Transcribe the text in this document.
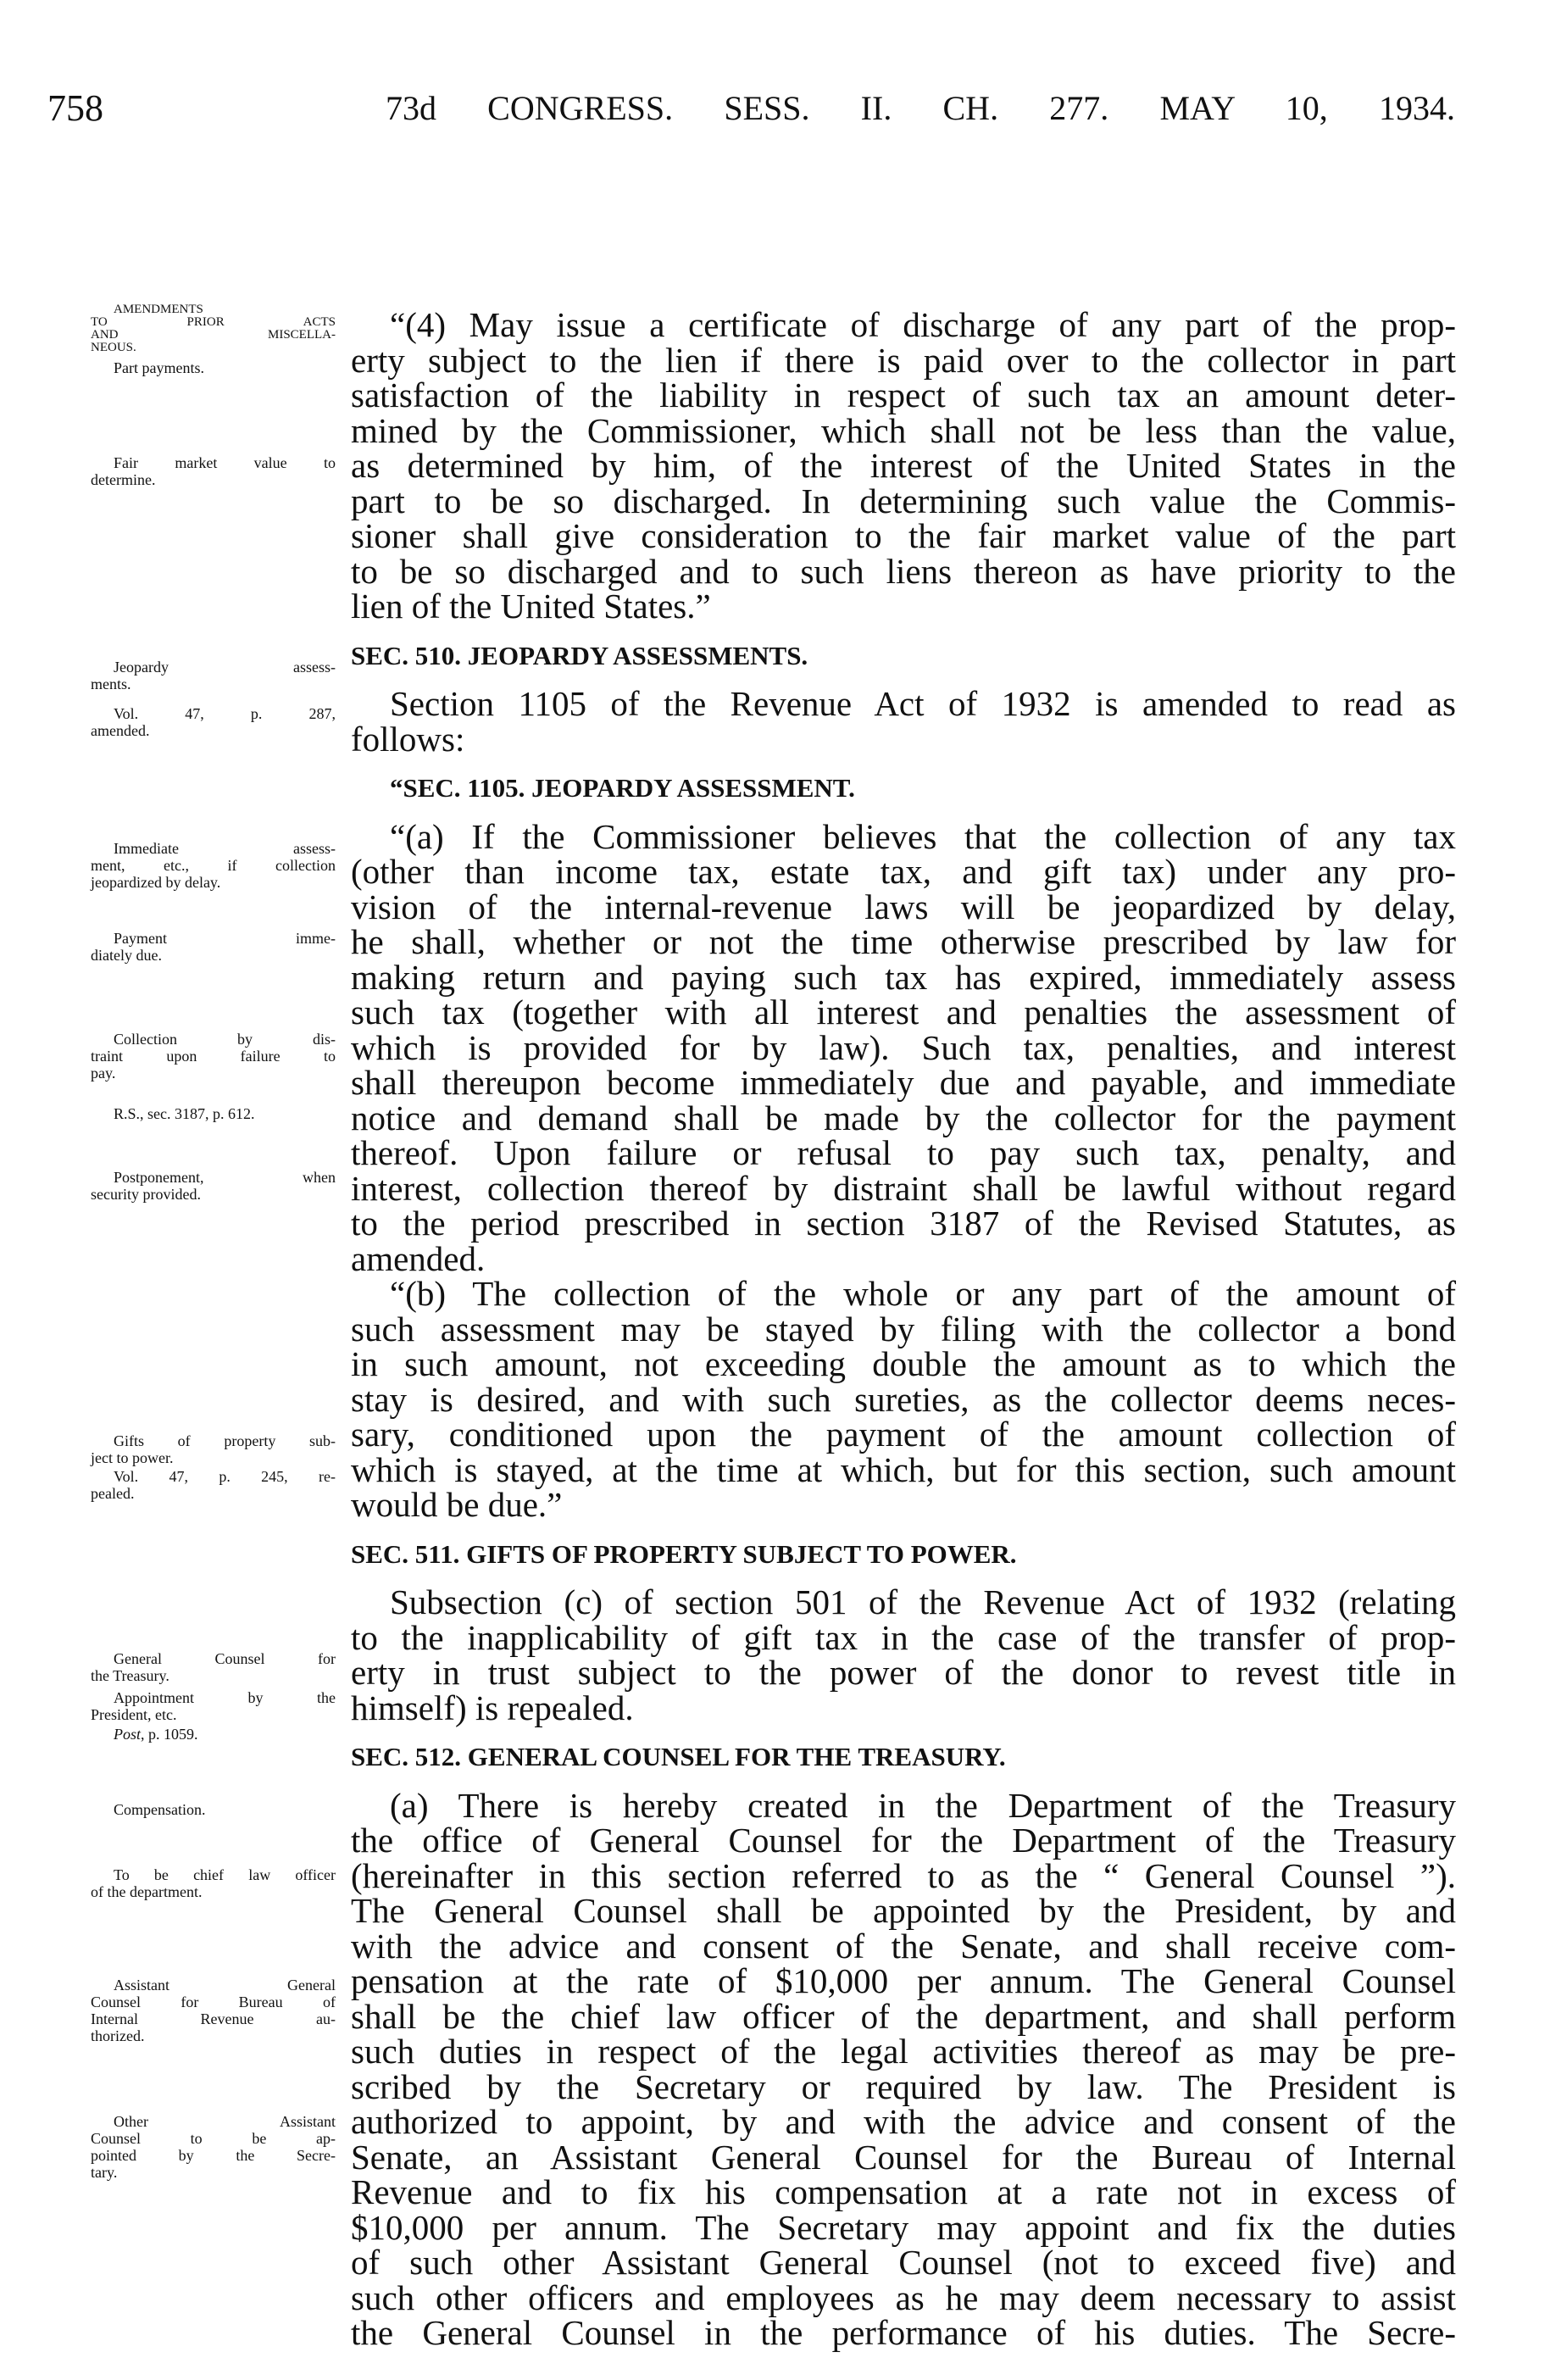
758	73d CONGRESS. SESS. II. CH. 277. MAY 10, 1934.
AMENDMENTS
TO PRIOR ACTS
AND MISCELLA-
NEOUS.
Part payments.
Fair market value to
determine.
Jeopardy assess-
ments.
Vol. 47, p. 287,
amended.
Immediate assess-
ment, etc., if collection
jeopardized by delay.
Payment imme-
diately due.
Collection by dis-
traint upon failure to
pay.
R.S., sec. 3187, p. 612.
Postponement, when
security provided.
Gifts of property sub-
ject to power.
Vol. 47, p. 245, re-
pealed.
General Counsel for
the Treasury.
Appointment by the
President, etc.
Post, p. 1059.
Compensation.
To be chief law officer
of the department.
Assistant General
Counsel for Bureau of
Internal Revenue au-
thorized.
Other Assistant
Counsel to be ap-
pointed by the Secre-
tary.
“(4) May issue a certificate of discharge of any part of the prop-
erty subject to the lien if there is paid over to the collector in part
satisfaction of the liability in respect of such tax an amount deter-
mined by the Commissioner, which shall not be less than the value,
as determined by him, of the interest of the United States in the
part to be so discharged. In determining such value the Commis-
sioner shall give consideration to the fair market value of the part
to be so discharged and to such liens thereon as have priority to the
lien of the United States.”
SEC. 510. JEOPARDY ASSESSMENTS.
Section 1105 of the Revenue Act of 1932 is amended to read as
follows:
“SEC. 1105. JEOPARDY ASSESSMENT.
“(a) If the Commissioner believes that the collection of any tax
(other than income tax, estate tax, and gift tax) under any pro-
vision of the internal-revenue laws will be jeopardized by delay,
he shall, whether or not the time otherwise prescribed by law for
making return and paying such tax has expired, immediately assess
such tax (together with all interest and penalties the assessment of
which is provided for by law). Such tax, penalties, and interest
shall thereupon become immediately due and payable, and immediate
notice and demand shall be made by the collector for the payment
thereof. Upon failure or refusal to pay such tax, penalty, and
interest, collection thereof by distraint shall be lawful without regard
to the period prescribed in section 3187 of the Revised Statutes, as
amended.
“(b) The collection of the whole or any part of the amount of
such assessment may be stayed by filing with the collector a bond
in such amount, not exceeding double the amount as to which the
stay is desired, and with such sureties, as the collector deems neces-
sary, conditioned upon the payment of the amount collection of
which is stayed, at the time at which, but for this section, such amount
would be due.”
SEC. 511. GIFTS OF PROPERTY SUBJECT TO POWER.
Subsection (c) of section 501 of the Revenue Act of 1932 (relating
to the inapplicability of gift tax in the case of the transfer of prop-
erty in trust subject to the power of the donor to revest title in
himself) is repealed.
SEC. 512. GENERAL COUNSEL FOR THE TREASURY.
(a) There is hereby created in the Department of the Treasury
the office of General Counsel for the Department of the Treasury
(hereinafter in this section referred to as the “ General Counsel ”).
The General Counsel shall be appointed by the President, by and
with the advice and consent of the Senate, and shall receive com-
pensation at the rate of $10,000 per annum. The General Counsel
shall be the chief law officer of the department, and shall perform
such duties in respect of the legal activities thereof as may be pre-
scribed by the Secretary or required by law. The President is
authorized to appoint, by and with the advice and consent of the
Senate, an Assistant General Counsel for the Bureau of Internal
Revenue and to fix his compensation at a rate not in excess of
$10,000 per annum. The Secretary may appoint and fix the duties
of such other Assistant General Counsel (not to exceed five) and
such other officers and employees as he may deem necessary to assist
the General Counsel in the performance of his duties. The Secre-
